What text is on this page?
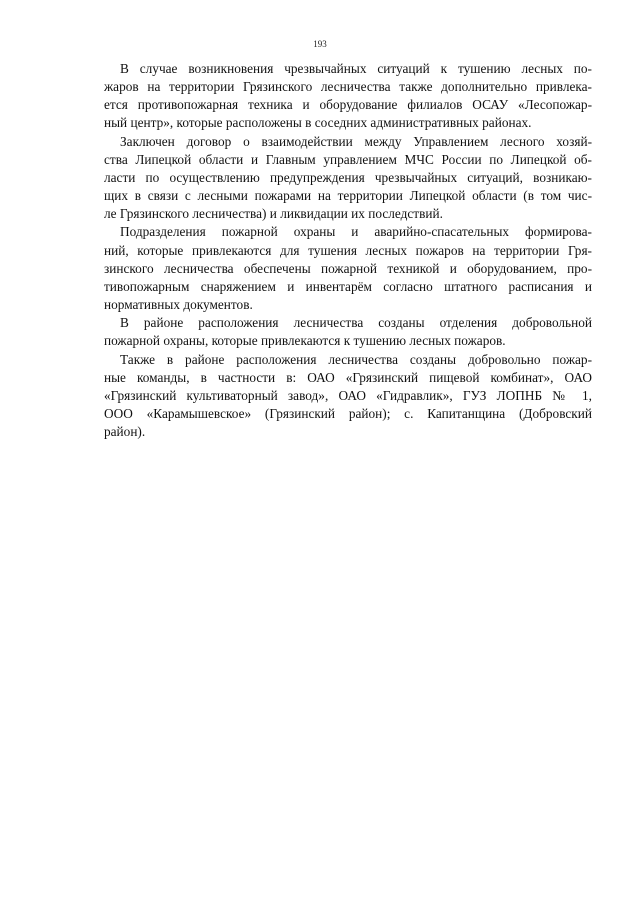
193
В случае возникновения чрезвычайных ситуаций к тушению лесных по-
жаров на территории Грязинского лесничества также дополнительно привлека-
ется противопожарная техника и оборудование филиалов ОСАУ «Лесопожар-
ный центр», которые расположены в соседних административных районах.
Заключен договор о взаимодействии между Управлением лесного хозяй-
ства Липецкой области и Главным управлением МЧС России по Липецкой об-
ласти по осуществлению предупреждения чрезвычайных ситуаций, возникаю-
щих в связи с лесными пожарами на территории Липецкой области (в том чис-
ле Грязинского лесничества) и ликвидации их последствий.
Подразделения пожарной охраны и аварийно-спасательных формирова-
ний, которые привлекаются для тушения лесных пожаров на территории Гря-
зинского лесничества обеспечены пожарной техникой и оборудованием, про-
тивопожарным снаряжением и инвентарём согласно штатного расписания и
нормативных документов.
В районе расположения лесничества созданы отделения добровольной
пожарной охраны, которые привлекаются к тушению лесных пожаров.
Также в районе расположения лесничества созданы добровольно пожар-
ные команды, в частности в: ОАО «Грязинский пищевой комбинат», ОАО
«Грязинский культиваторный завод», ОАО «Гидравлик», ГУЗ ЛОПНБ № 1,
ООО «Карамышевское» (Грязинский район); с. Капитанщина (Добровский
район).
